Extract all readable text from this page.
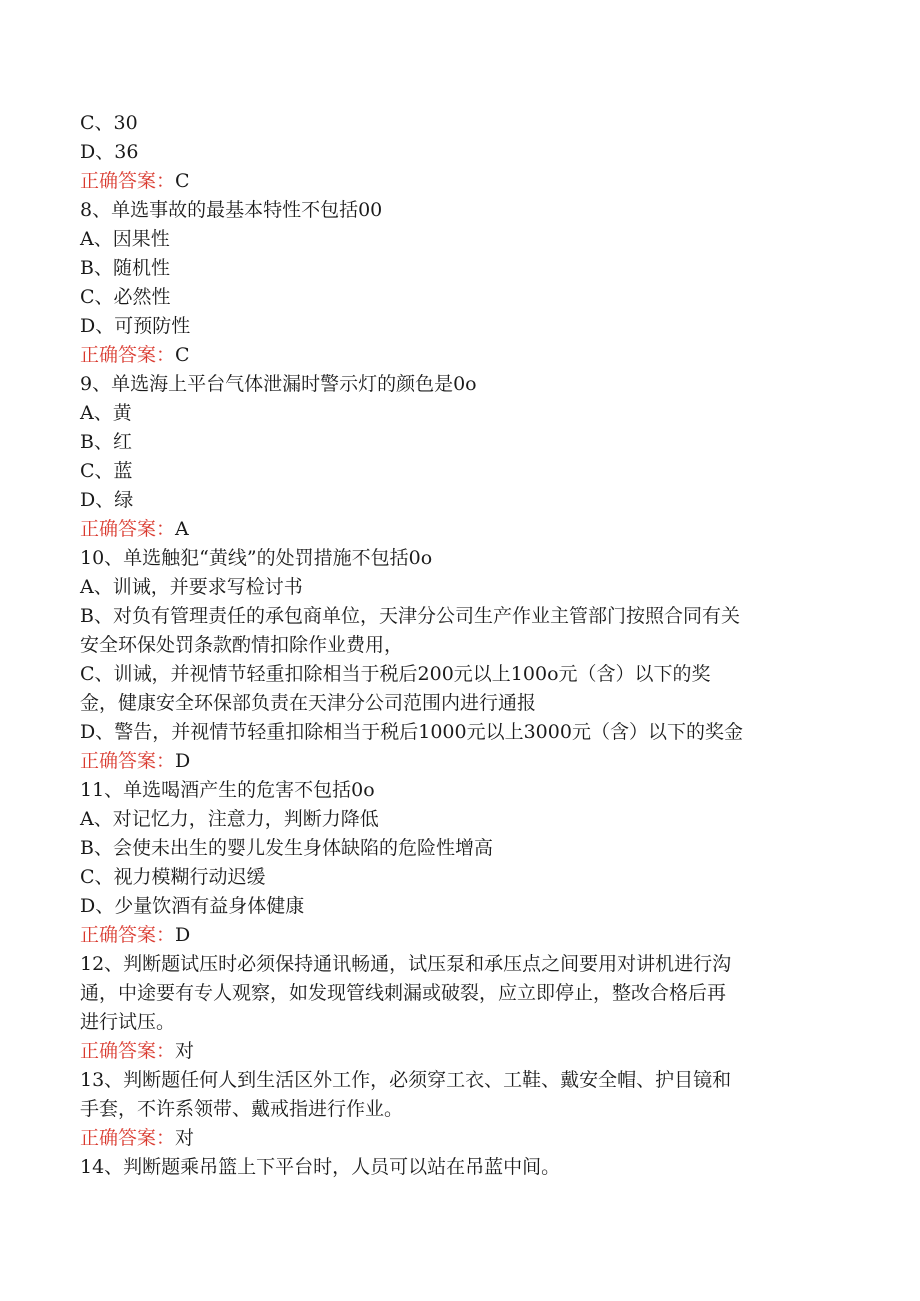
C、30
D、36
正确答案：C
8、单选事故的最基本特性不包括00
A、因果性
B、随机性
C、必然性
D、可预防性
正确答案：C
9、单选海上平台气体泄漏时警示灯的颜色是0o
A、黄
B、红
C、蓝
D、绿
正确答案：A
10、单选触犯“黄线”的处罚措施不包括0o
A、训诫，并要求写检讨书
B、对负有管理责任的承包商单位，天津分公司生产作业主管部门按照合同有关
安全环保处罚条款酌情扣除作业费用，
C、训诫，并视情节轻重扣除相当于税后200元以上100o元（含）以下的奖
金，健康安全环保部负责在天津分公司范围内进行通报
D、警告，并视情节轻重扣除相当于税后1000元以上3000元（含）以下的奖金
正确答案：D
11、单选喝酒产生的危害不包括0o
A、对记忆力，注意力，判断力降低
B、会使未出生的婴儿发生身体缺陷的危险性增高
C、视力模糊行动迟缓
D、少量饮酒有益身体健康
正确答案：D
12、判断题试压时必须保持通讯畅通，试压泵和承压点之间要用对讲机进行沟
通，中途要有专人观察，如发现管线刺漏或破裂，应立即停止，整改合格后再
进行试压。
正确答案：对
13、判断题任何人到生活区外工作，必须穿工衣、工鞋、戴安全帽、护目镜和
手套，不许系领带、戴戒指进行作业。
正确答案：对
14、判断题乘吊篮上下平台时，人员可以站在吊蓝中间。
